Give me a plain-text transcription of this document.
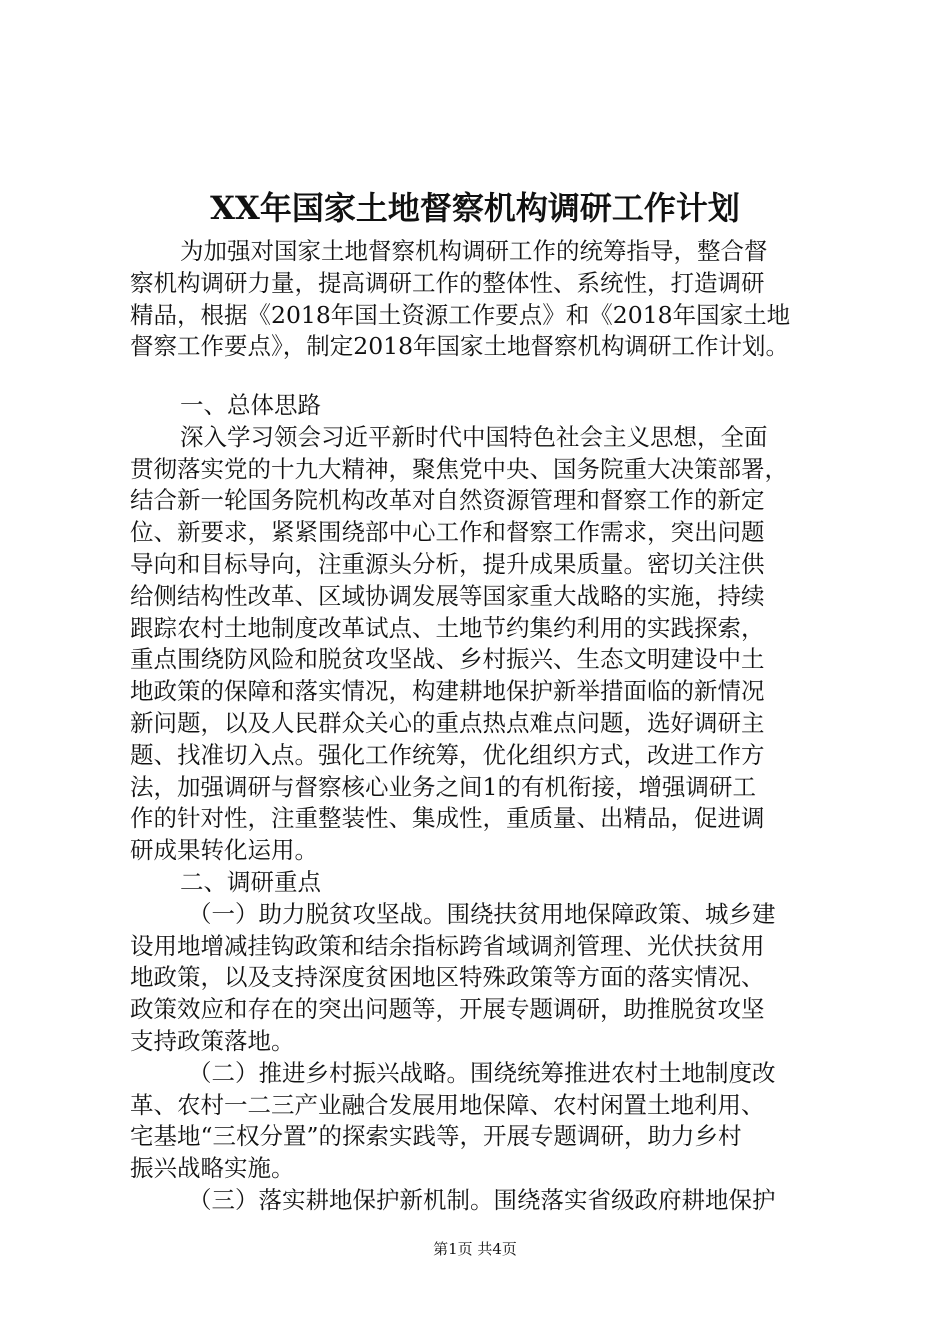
XX年国家土地督察机构调研工作计划
为加强对国家土地督察机构调研工作的统筹指导，整合督
察机构调研力量，提高调研工作的整体性、系统性，打造调研
精品，根据《2018年国土资源工作要点》和《2018年国家土地
督察工作要点》，制定2018年国家土地督察机构调研工作计划。
一、总体思路
深入学习领会习近平新时代中国特色社会主义思想，全面
贯彻落实党的十九大精神，聚焦党中央、国务院重大决策部署，
结合新一轮国务院机构改革对自然资源管理和督察工作的新定
位、新要求，紧紧围绕部中心工作和督察工作需求，突出问题
导向和目标导向，注重源头分析，提升成果质量。密切关注供
给侧结构性改革、区域协调发展等国家重大战略的实施，持续
跟踪农村土地制度改革试点、土地节约集约利用的实践探索，
重点围绕防风险和脱贫攻坚战、乡村振兴、生态文明建设中土
地政策的保障和落实情况，构建耕地保护新举措面临的新情况
新问题，以及人民群众关心的重点热点难点问题，选好调研主
题、找准切入点。强化工作统筹，优化组织方式，改进工作方
法，加强调研与督察核心业务之间1的有机衔接，增强调研工
作的针对性，注重整装性、集成性，重质量、出精品，促进调
研成果转化运用。
二、调研重点
（一）助力脱贫攻坚战。围绕扶贫用地保障政策、城乡建
设用地增减挂钩政策和结余指标跨省域调剂管理、光伏扶贫用
地政策，以及支持深度贫困地区特殊政策等方面的落实情况、
政策效应和存在的突出问题等，开展专题调研，助推脱贫攻坚
支持政策落地。
（二）推进乡村振兴战略。围绕统筹推进农村土地制度改
革、农村一二三产业融合发展用地保障、农村闲置土地利用、
宅基地“三权分置”的探索实践等，开展专题调研，助力乡村
振兴战略实施。
（三）落实耕地保护新机制。围绕落实省级政府耕地保护
第1页 共4页
